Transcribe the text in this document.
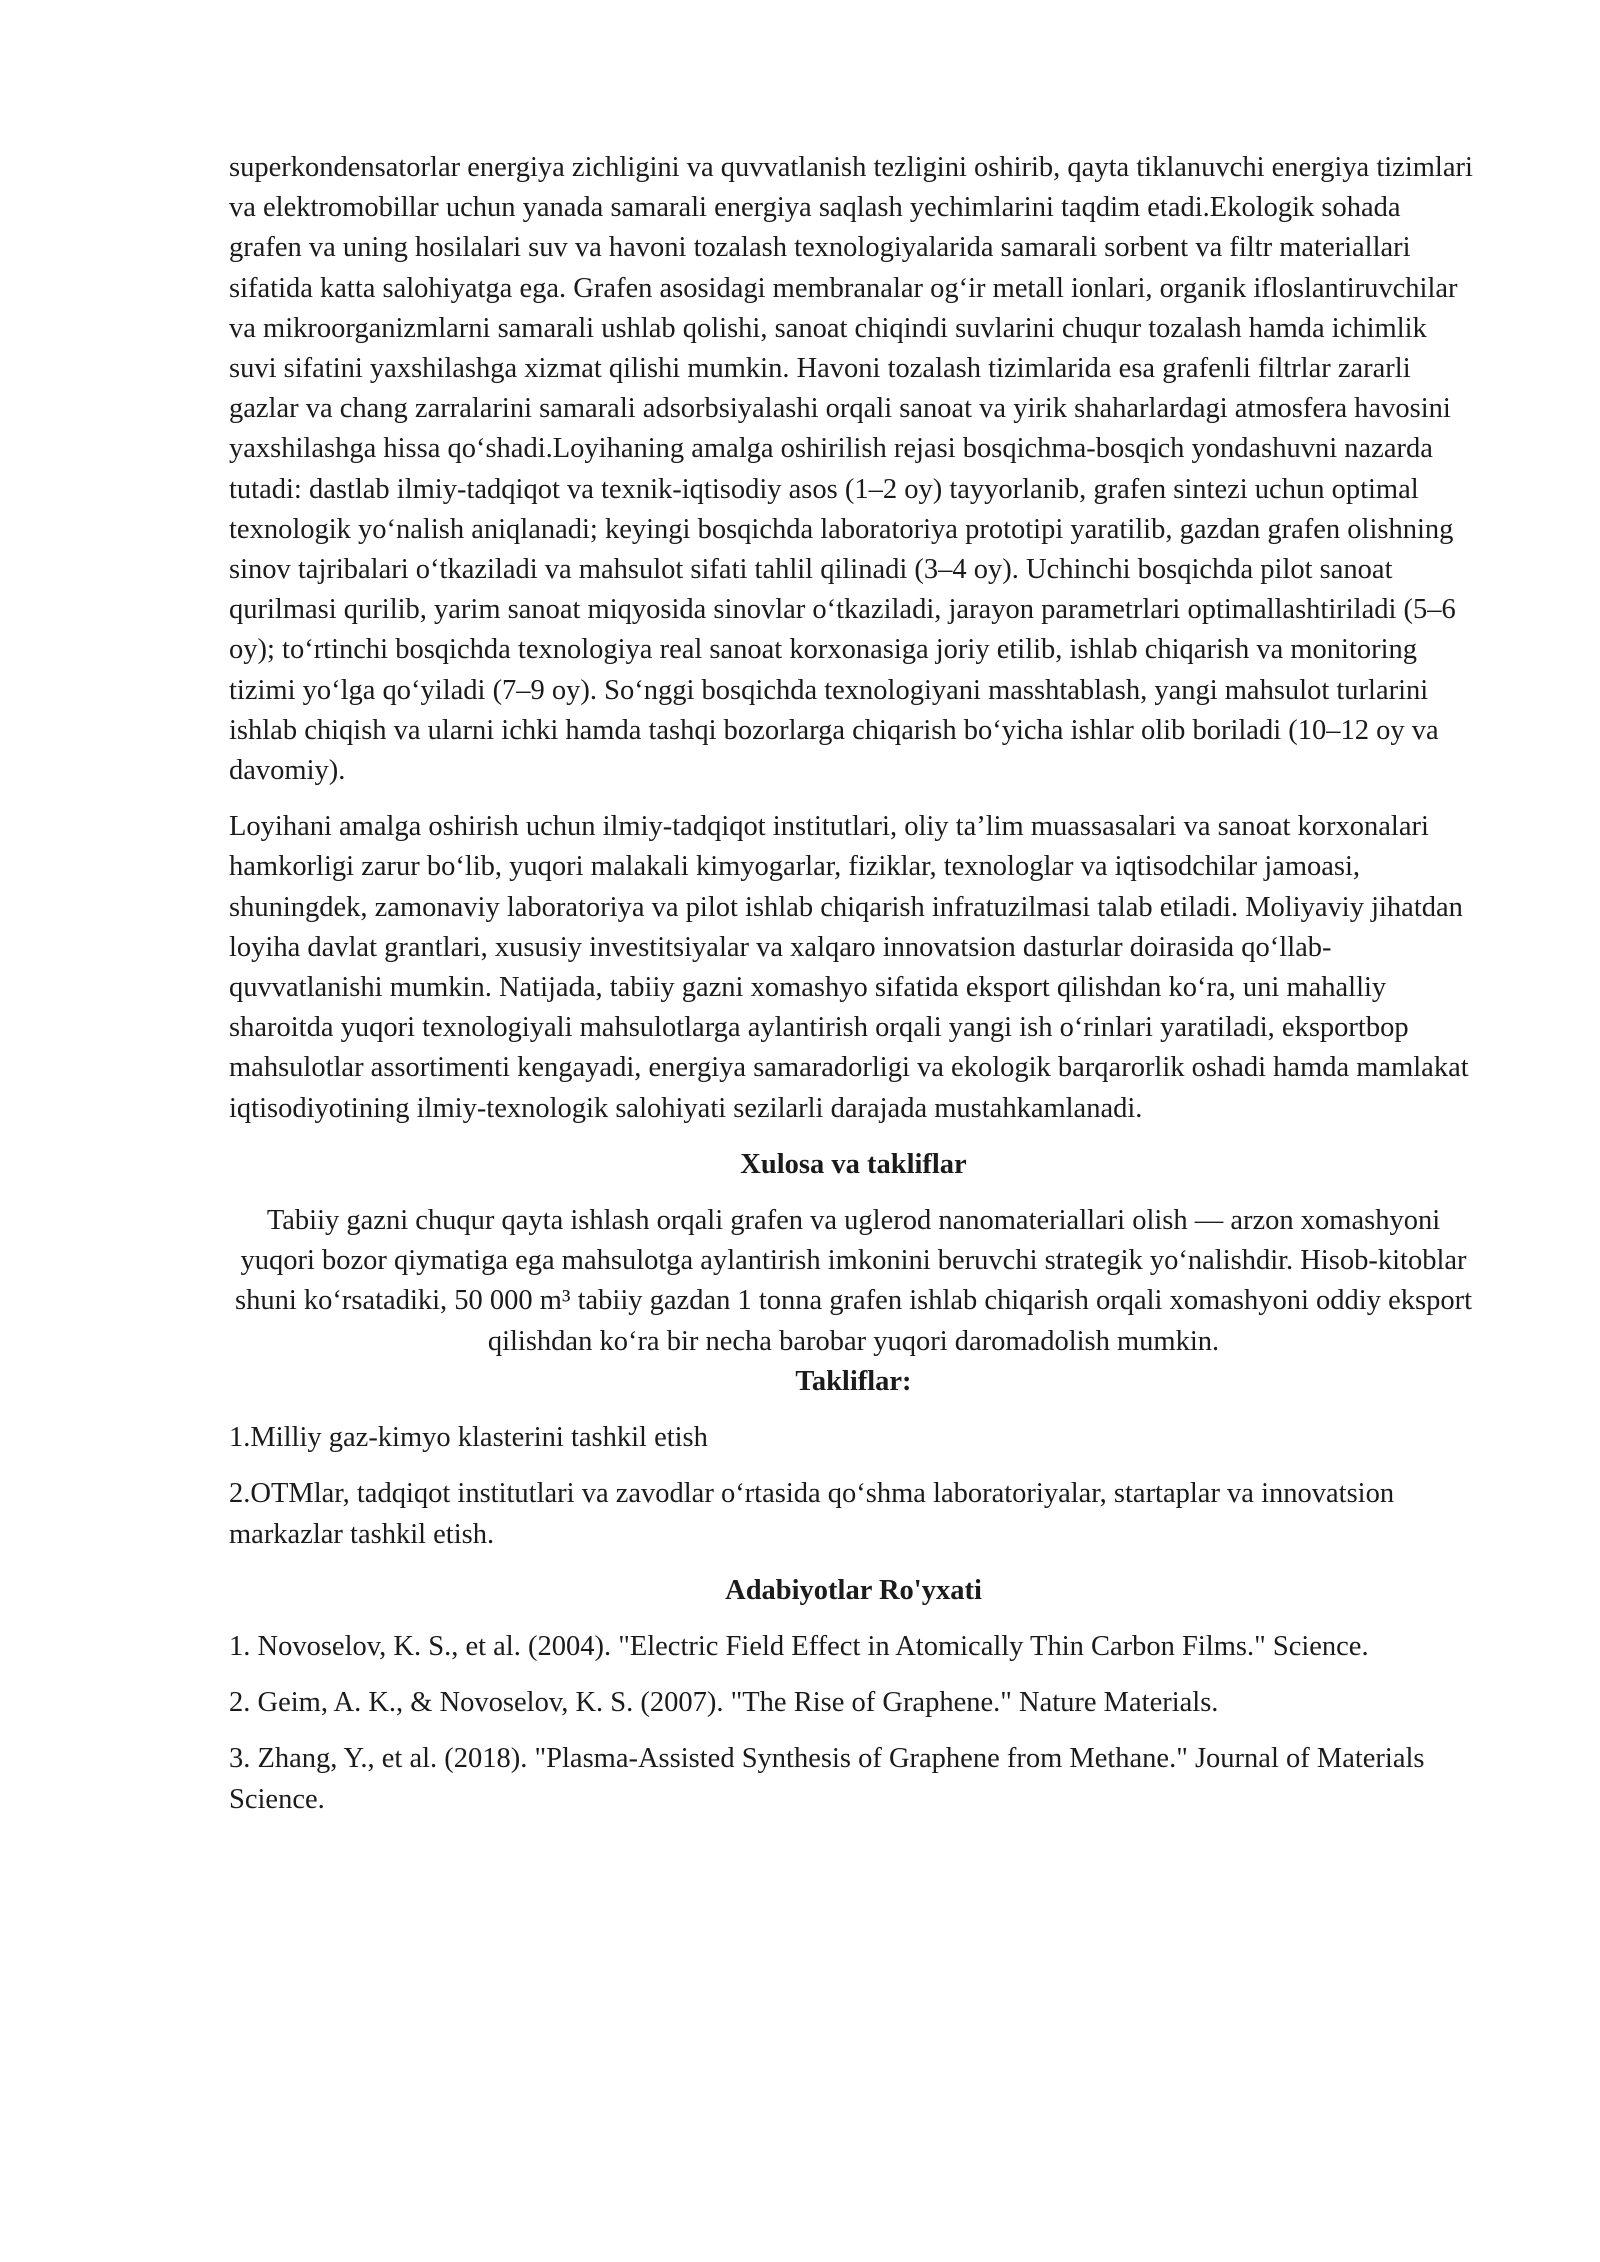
superkondensatorlar energiya zichligini va quvvatlanish tezligini oshirib, qayta tiklanuvchi energiya tizimlari va elektromobillar uchun yanada samarali energiya saqlash yechimlarini taqdim etadi.Ekologik sohada grafen va uning hosilalari suv va havoni tozalash texnologiyalarida samarali sorbent va filtr materiallari sifatida katta salohiyatga ega. Grafen asosidagi membranalar og‘ir metall ionlari, organik ifloslantiruvchilar va mikroorganizmlarni samarali ushlab qolishi, sanoat chiqindi suvlarini chuqur tozalash hamda ichimlik suvi sifatini yaxshilashga xizmat qilishi mumkin. Havoni tozalash tizimlarida esa grafenli filtrlar zararli gazlar va chang zarralarini samarali adsorbsiyalashi orqali sanoat va yirik shaharlardagi atmosfera havosini yaxshilashga hissa qo‘shadi.Loyihaning amalga oshirilish rejasi bosqichma-bosqich yondashuvni nazarda tutadi: dastlab ilmiy-tadqiqot va texnik-iqtisodiy asos (1–2 oy) tayyorlanib, grafen sintezi uchun optimal texnologik yo‘nalish aniqlanadi; keyingi bosqichda laboratoriya prototipi yaratilib, gazdan grafen olishning sinov tajribalari o‘tkaziladi va mahsulot sifati tahlil qilinadi (3–4 oy). Uchinchi bosqichda pilot sanoat qurilmasi qurilib, yarim sanoat miqyosida sinovlar o‘tkaziladi, jarayon parametrlari optimallashtiriladi (5–6 oy); to‘rtinchi bosqichda texnologiya real sanoat korxonasiga joriy etilib, ishlab chiqarish va monitoring tizimi yo‘lga qo‘yiladi (7–9 oy). So‘nggi bosqichda texnologiyani masshtablash, yangi mahsulot turlarini ishlab chiqish va ularni ichki hamda tashqi bozorlarga chiqarish bo‘yicha ishlar olib boriladi (10–12 oy va davomiy).

Loyihani amalga oshirish uchun ilmiy-tadqiqot institutlari, oliy ta’lim muassasalari va sanoat korxonalari hamkorligi zarur bo‘lib, yuqori malakali kimyogarlar, fiziklar, texnologlar va iqtisodchilar jamoasi, shuningdek, zamonaviy laboratoriya va pilot ishlab chiqarish infratuzilmasi talab etiladi. Moliyaviy jihatdan loyiha davlat grantlari, xususiy investitsiyalar va xalqaro innovatsion dasturlar doirasida qo‘llab-quvvatlanishi mumkin. Natijada, tabiiy gazni xomashyo sifatida eksport qilishdan ko‘ra, uni mahalliy sharoitda yuqori texnologiyali mahsulotlarga aylantirish orqali yangi ish o‘rinlari yaratiladi, eksportbop mahsulotlar assortimenti kengayadi, energiya samaradorligi va ekologik barqarorlik oshadi hamda mamlakat iqtisodiyotining ilmiy-texnologik salohiyati sezilarli darajada mustahkamlanadi.

Xulosa va takliflar

Tabiiy gazni chuqur qayta ishlash orqali grafen va uglerod nanomateriallari olish — arzon xomashyoni yuqori bozor qiymatiga ega mahsulotga aylantirish imkonini beruvchi strategik yo‘nalishdir. Hisob-kitoblar shuni ko‘rsatadiki, 50 000 m³ tabiiy gazdan 1 tonna grafen ishlab chiqarish orqali xomashyoni oddiy eksport qilishdan ko‘ra bir necha barobar yuqori daromadolish mumkin.

Takliflar:

1.Milliy gaz-kimyo klasterini tashkil etish

2.OTMlar, tadqiqot institutlari va zavodlar o‘rtasida qo‘shma laboratoriyalar, startaplar va innovatsion markazlar tashkil etish.

Adabiyotlar Ro'yxati

1. Novoselov, K. S., et al. (2004). "Electric Field Effect in Atomically Thin Carbon Films." Science.

2. Geim, A. K., & Novoselov, K. S. (2007). "The Rise of Graphene." Nature Materials.

3. Zhang, Y., et al. (2018). "Plasma-Assisted Synthesis of Graphene from Methane." Journal of Materials Science.
